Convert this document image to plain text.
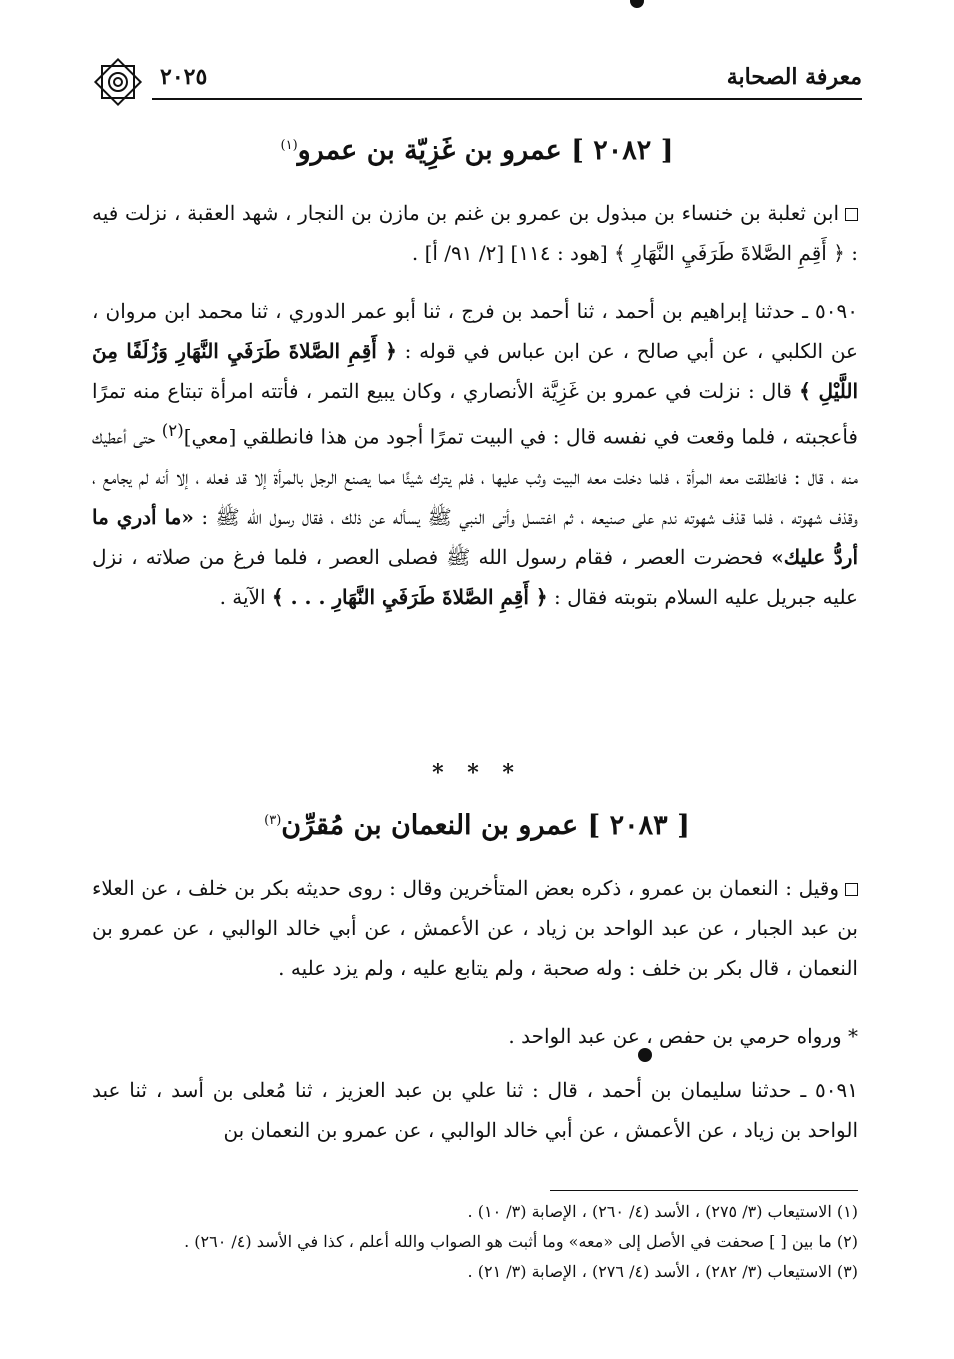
معرفة الصحابة
٢٠٢٥
[ ٢٠٨٢ ] عمرو بن غَزِيّة بن عمرو$^{(١)}$
ابن ثعلبة بن خنساء بن مبذول بن عمرو بن غنم بن مازن بن النجار ، شهد العقبة ، نزلت فيه : ﴿ أَقِمِ الصَّلاةَ طَرَفَيِ النَّهَارِ ﴾ [هود : ١١٤] [٢/ ٩١/ أ] .
٥٠٩٠ ـ حدثنا إبراهيم بن أحمد ، ثنا أحمد بن فرج ، ثنا أبو عمر الدوري ، ثنا محمد ابن مروان ، عن الكلبي ، عن أبي صالح ، عن ابن عباس في قوله : ﴿ أَقِمِ الصَّلاةَ طَرَفَيِ النَّهَارِ وَزُلَفًا مِنَ اللَّيْلِ ﴾ قال : نزلت في عمرو بن غَزِيَّة الأنصاري ، وكان يبيع التمر ، فأتته امرأة تبتاع منه تمرًا فأعجبته ، فلما وقعت في نفسه قال : في البيت تمرًا أجود من هذا فانطلقي [معي]$^{(٢)}$ حتى أعطيك منه ، قال : فانطلقت معه المرأة ، فلما دخلت معه البيت وثب عليها ، فلم يترك شيئًا مما يصنع الرجل بالمرأة إلا قد فعله ، إلا أنه لم يجامع ، وقذف شهوته ، فلما قذف شهوته ندم على صنيعه ، ثم اغتسل وأتى النبي ﷺ يسأله عن ذلك ، فقال رسول الله ﷺ : «ما أدري ما أردُّ عليك» فحضرت العصر ، فقام رسول الله ﷺ فصلى العصر ، فلما فرغ من صلاته ، نزل عليه جبريل عليه السلام بتوبته فقال : ﴿ أَقِمِ الصَّلاةَ طَرَفَيِ النَّهَارِ . . . ﴾ الآية .
* * *
[ ٢٠٨٣ ] عمرو بن النعمان بن مُقرِّن$^{(٣)}$
وقيل : النعمان بن عمرو ، ذكره بعض المتأخرين وقال : روى حديثه بكر بن خلف ، عن العلاء بن عبد الجبار ، عن عبد الواحد بن زياد ، عن الأعمش ، عن أبي خالد الوالبي ، عن عمرو بن النعمان ، قال بكر بن خلف : وله صحبة ، ولم يتابع عليه ، ولم يزد عليه .
* ورواه حرمي بن حفص ، عن عبد الواحد .
٥٠٩١ ـ حدثنا سليمان بن أحمد ، قال : ثنا علي بن عبد العزيز ، ثنا مُعلى بن أسد ، ثنا عبد الواحد بن زياد ، عن الأعمش ، عن أبي خالد الوالبي ، عن عمرو بن النعمان بن
(١) الاستيعاب (٣/ ٢٧٥) ، الأسد (٤/ ٢٦٠) ، الإصابة (٣/ ١٠) .
(٢) ما بين [ ] صحفت في الأصل إلى «معه» وما أثبت هو الصواب والله أعلم ، كذا في الأسد (٤/ ٢٦٠) .
(٣) الاستيعاب (٣/ ٢٨٢) ، الأسد (٤/ ٢٧٦) ، الإصابة (٣/ ٢١) .
